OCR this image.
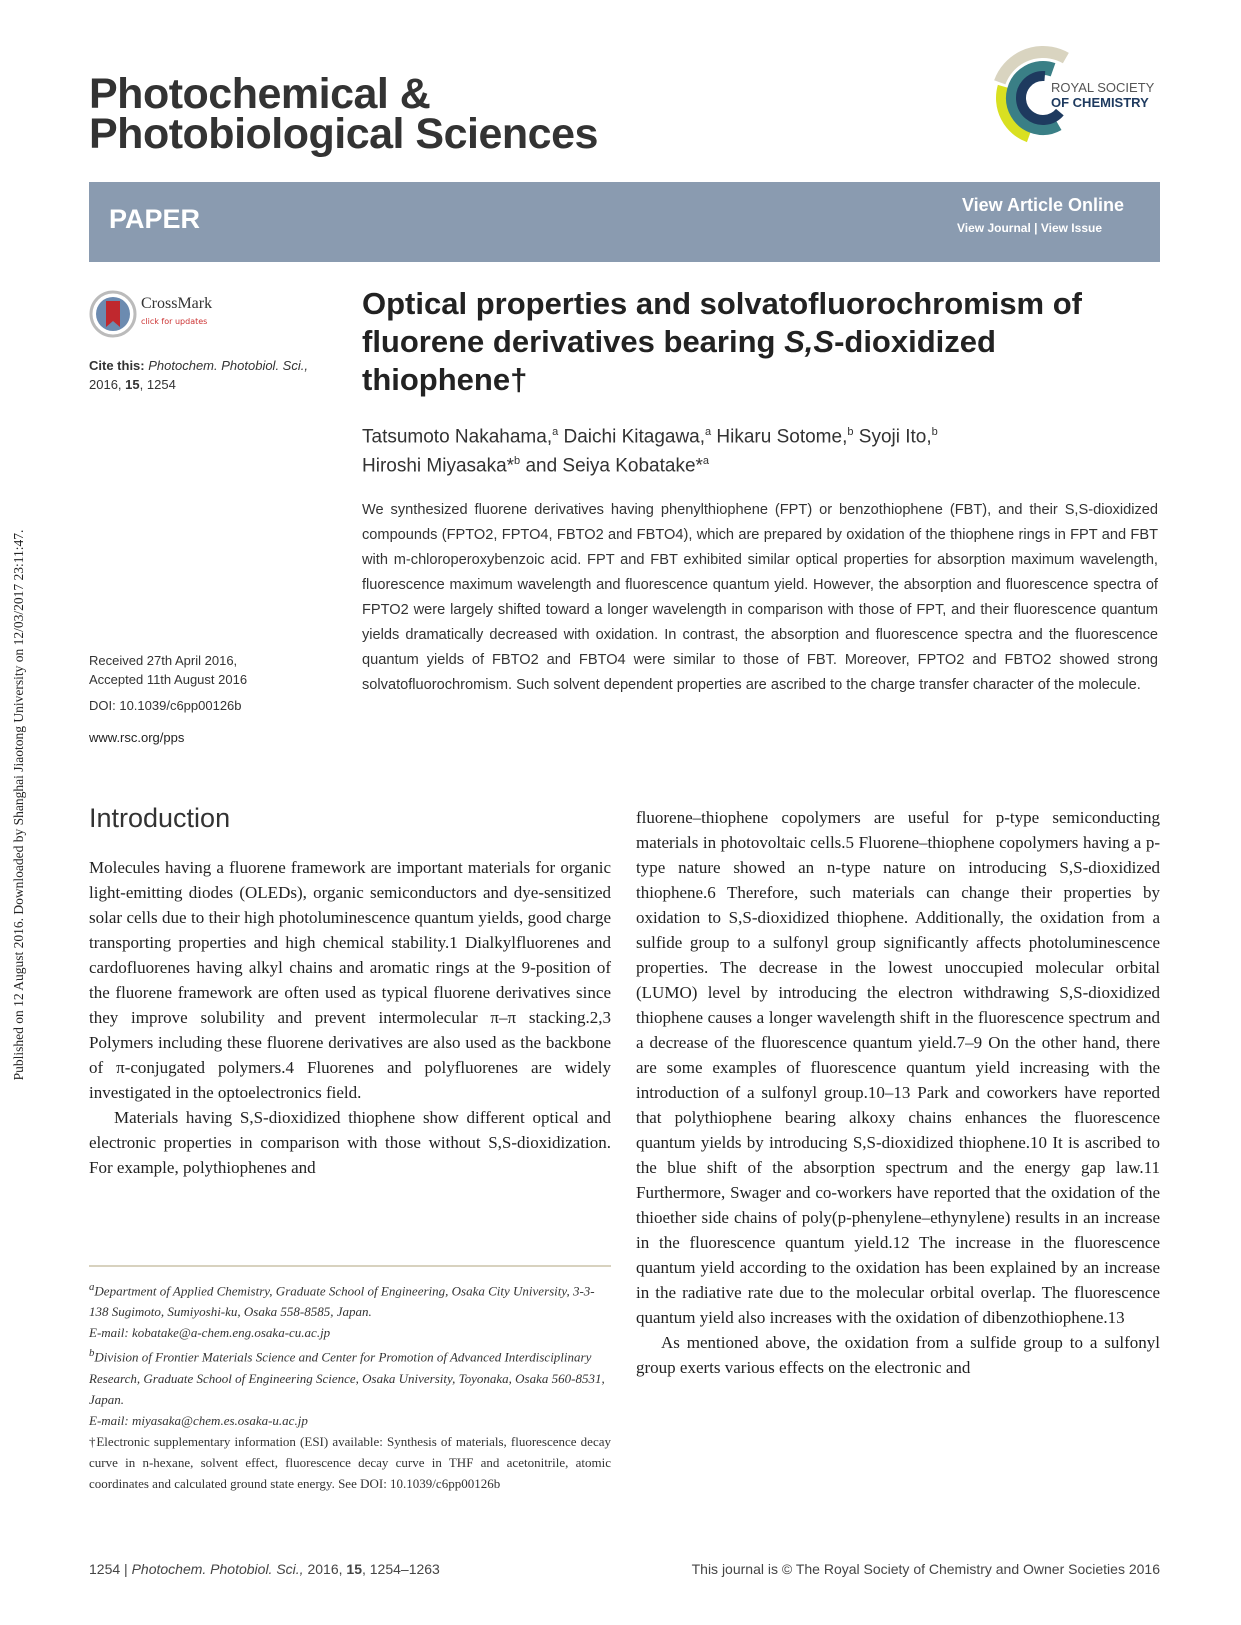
Published on 12 August 2016. Downloaded by Shanghai Jiaotong University on 12/03/2017 23:11:47.
Photochemical &
Photobiological Sciences
ROYAL SOCIETY
OF CHEMISTRY
PAPER	View Article Online
View Journal | View Issue
CrossMark
click for updates
Cite this: Photochem. Photobiol. Sci.,
2016, 15, 1254
Received 27th April 2016,
Accepted 11th August 2016
DOI: 10.1039/c6pp00126b
www.rsc.org/pps
Optical properties and solvatofluorochromism of
fluorene derivatives bearing S,S-dioxidized
thiophene†
Tatsumoto Nakahama,$^a$ Daichi Kitagawa,$^a$ Hikaru Sotome,$^b$ Syoji Ito,$^b$
Hiroshi Miyasaka*$^b$ and Seiya Kobatake*$^a$
We synthesized fluorene derivatives having phenylthiophene (FPT) or benzothiophene (FBT), and their S,S-dioxidized compounds (FPTO2, FPTO4, FBTO2 and FBTO4), which are prepared by oxidation of the thiophene rings in FPT and FBT with m-chloroperoxybenzoic acid. FPT and FBT exhibited similar optical properties for absorption maximum wavelength, fluorescence maximum wavelength and fluorescence quantum yield. However, the absorption and fluorescence spectra of FPTO2 were largely shifted toward a longer wavelength in comparison with those of FPT, and their fluorescence quantum yields dramatically decreased with oxidation. In contrast, the absorption and fluorescence spectra and the fluorescence quantum yields of FBTO2 and FBTO4 were similar to those of FBT. Moreover, FPTO2 and FBTO2 showed strong solvatofluorochromism. Such solvent dependent properties are ascribed to the charge transfer character of the molecule.
Introduction

Molecules having a fluorene framework are important materials for organic light-emitting diodes (OLEDs), organic semiconductors and dye-sensitized solar cells due to their high photoluminescence quantum yields, good charge transporting properties and high chemical stability.1 Dialkylfluorenes and cardofluorenes having alkyl chains and aromatic rings at the 9-position of the fluorene framework are often used as typical fluorene derivatives since they improve solubility and prevent intermolecular π–π stacking.2,3 Polymers including these fluorene derivatives are also used as the backbone of π-conjugated polymers.4 Fluorenes and polyfluorenes are widely investigated in the optoelectronics field.

Materials having S,S-dioxidized thiophene show different optical and electronic properties in comparison with those without S,S-dioxidization. For example, polythiophenes and

fluorene–thiophene copolymers are useful for p-type semiconducting materials in photovoltaic cells.5 Fluorene–thiophene copolymers having a p-type nature showed an n-type nature on introducing S,S-dioxidized thiophene.6 Therefore, such materials can change their properties by oxidation to S,S-dioxidized thiophene. Additionally, the oxidation from a sulfide group to a sulfonyl group significantly affects photoluminescence properties. The decrease in the lowest unoccupied molecular orbital (LUMO) level by introducing the electron withdrawing S,S-dioxidized thiophene causes a longer wavelength shift in the fluorescence spectrum and a decrease of the fluorescence quantum yield.7–9 On the other hand, there are some examples of fluorescence quantum yield increasing with the introduction of a sulfonyl group.10–13 Park and coworkers have reported that polythiophene bearing alkoxy chains enhances the fluorescence quantum yields by introducing S,S-dioxidized thiophene.10 It is ascribed to the blue shift of the absorption spectrum and the energy gap law.11 Furthermore, Swager and co-workers have reported that the oxidation of the thioether side chains of poly(p-phenylene–ethynylene) results in an increase in the fluorescence quantum yield.12 The increase in the fluorescence quantum yield according to the oxidation has been explained by an increase in the radiative rate due to the molecular orbital overlap. The fluorescence quantum yield also increases with the oxidation of dibenzothiophene.13

As mentioned above, the oxidation from a sulfide group to a sulfonyl group exerts various effects on the electronic and

$^a$Department of Applied Chemistry, Graduate School of Engineering, Osaka City University, 3-3-138 Sugimoto, Sumiyoshi-ku, Osaka 558-8585, Japan.
E-mail: kobatake@a-chem.eng.osaka-cu.ac.jp
$^b$Division of Frontier Materials Science and Center for Promotion of Advanced Interdisciplinary Research, Graduate School of Engineering Science, Osaka University, Toyonaka, Osaka 560-8531, Japan.
E-mail: miyasaka@chem.es.osaka-u.ac.jp
†Electronic supplementary information (ESI) available: Synthesis of materials, fluorescence decay curve in n-hexane, solvent effect, fluorescence decay curve in THF and acetonitrile, atomic coordinates and calculated ground state energy. See DOI: 10.1039/c6pp00126b
1254 | Photochem. Photobiol. Sci., 2016, 15, 1254–1263	This journal is © The Royal Society of Chemistry and Owner Societies 2016
